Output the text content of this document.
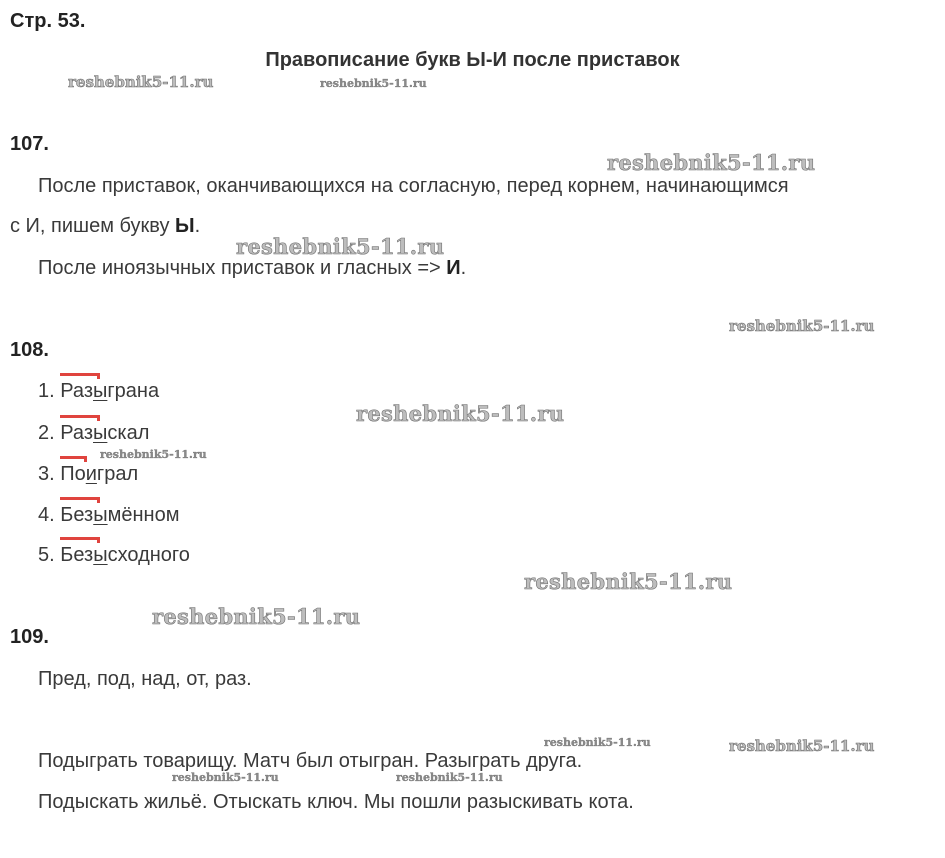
Стр. 53.
Правописание букв Ы-И после приставок
107.
После приставок, оканчивающихся на согласную, перед корнем, начинающимся
с И, пишем букву Ы.
После иноязычных приставок и гласных => И.
108.
1.
Разыграна
2.
Разыскал
3.
Поиграл
4.
Безымённом
5.
Безысходного
109.
Пред, под, над, от, раз.
Подыграть товарищу. Матч был отыгран. Разыграть друга.
Подыскать жильё. Отыскать ключ. Мы пошли разыскивать кота.
reshebnik5-11.ru	reshebnik5-11.ru
reshebnik5-11.ru
reshebnik5-11.ru
reshebnik5-11.ru
reshebnik5-11.ru
reshebnik5-11.ru
reshebnik5-11.ru
reshebnik5-11.ru
reshebnik5-11.ru	reshebnik5-11.ru
reshebnik5-11.ru	reshebnik5-11.ru
